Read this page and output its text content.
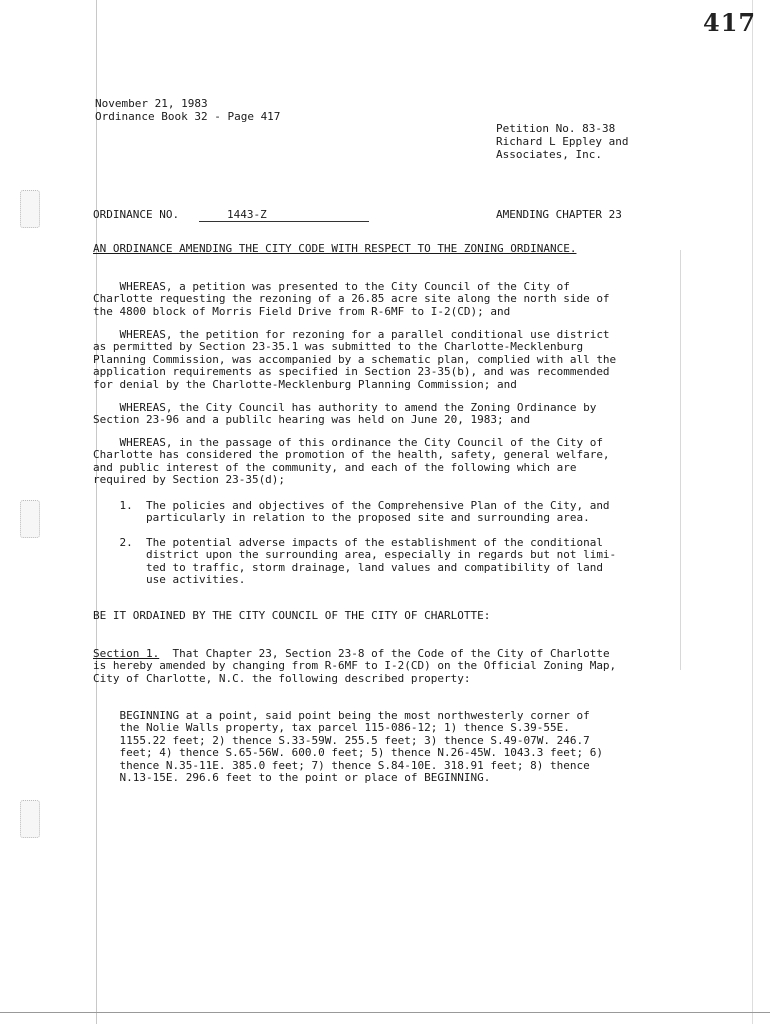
417
November 21, 1983
Ordinance Book 32 - Page 417
Petition No. 83-38
Richard L Eppley and
Associates, Inc.
ORDINANCE NO.	1443-Z	AMENDING CHAPTER 23
AN ORDINANCE AMENDING THE CITY CODE WITH RESPECT TO THE ZONING ORDINANCE.
WHEREAS, a petition was presented to the City Council of the City of
Charlotte requesting the rezoning of a 26.85 acre site along the north side of
the 4800 block of Morris Field Drive from R-6MF to I-2(CD); and
WHEREAS, the petition for rezoning for a parallel conditional use district
as permitted by Section 23-35.1 was submitted to the Charlotte-Mecklenburg
Planning Commission, was accompanied by a schematic plan, complied with all the
application requirements as specified in Section 23-35(b), and was recommended
for denial by the Charlotte-Mecklenburg Planning Commission; and
WHEREAS, the City Council has authority to amend the Zoning Ordinance by
Section 23-96 and a publilc hearing was held on June 20, 1983; and
WHEREAS, in the passage of this ordinance the City Council of the City of
Charlotte has considered the promotion of the health, safety, general welfare,
and public interest of the community, and each of the following which are
required by Section 23-35(d);
1.  The policies and objectives of the Comprehensive Plan of the City, and
particularly in relation to the proposed site and surrounding area.
2.  The potential adverse impacts of the establishment of the conditional
district upon the surrounding area, especially in regards but not limi-
ted to traffic, storm drainage, land values and compatibility of land
use activities.
BE IT ORDAINED BY THE CITY COUNCIL OF THE CITY OF CHARLOTTE:
Section 1.  That Chapter 23, Section 23-8 of the Code of the City of Charlotte
is hereby amended by changing from R-6MF to I-2(CD) on the Official Zoning Map,
City of Charlotte, N.C. the following described property:
BEGINNING at a point, said point being the most northwesterly corner of
the Nolie Walls property, tax parcel 115-086-12; 1) thence S.39-55E.
1155.22 feet; 2) thence S.33-59W. 255.5 feet; 3) thence S.49-07W. 246.7
feet; 4) thence S.65-56W. 600.0 feet; 5) thence N.26-45W. 1043.3 feet; 6)
thence N.35-11E. 385.0 feet; 7) thence S.84-10E. 318.91 feet; 8) thence
N.13-15E. 296.6 feet to the point or place of BEGINNING.
